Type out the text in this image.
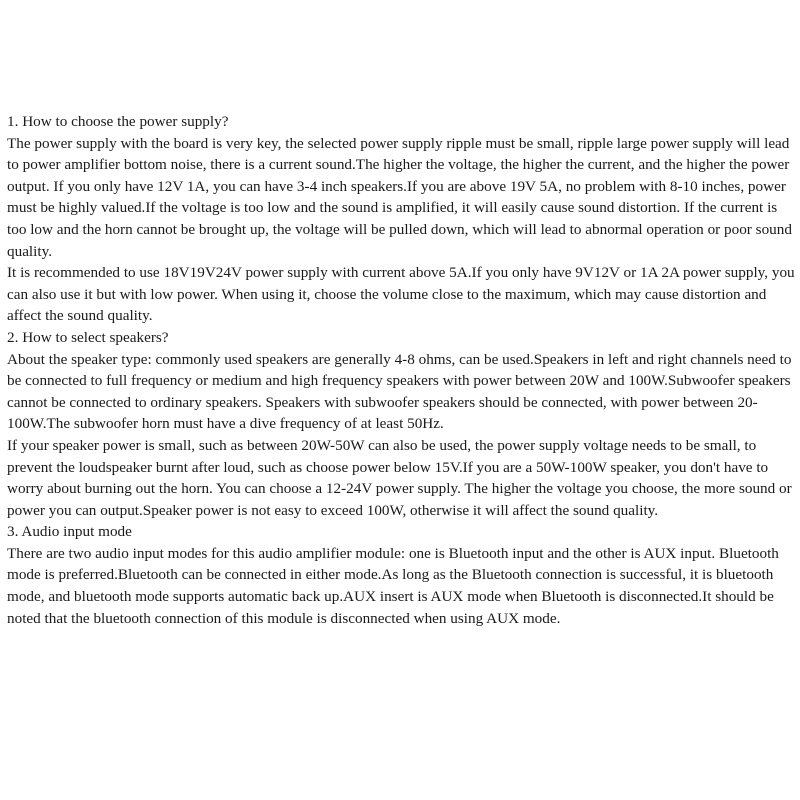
1. How to choose the power supply?

The power supply with the board is very key, the selected power supply ripple must be small, ripple large power supply will lead to power amplifier bottom noise, there is a current sound.The higher the voltage, the higher the current, and the higher the power output. If you only have 12V 1A, you can have 3-4 inch speakers.If you are above 19V 5A, no problem with 8-10 inches, power must be highly valued.If the voltage is too low and the sound is amplified, it will easily cause sound distortion. If the current is too low and the horn cannot be brought up, the voltage will be pulled down, which will lead to abnormal operation or poor sound quality.

It is recommended to use 18V19V24V power supply with current above 5A.If you only have 9V12V or 1A 2A power supply, you can also use it but with low power. When using it, choose the volume close to the maximum, which may cause distortion and affect the sound quality.

2. How to select speakers?

About the speaker type: commonly used speakers are generally 4-8 ohms, can be used.Speakers in left and right channels need to be connected to full frequency or medium and high frequency speakers with power between 20W and 100W.Subwoofer speakers cannot be connected to ordinary speakers. Speakers with subwoofer speakers should be connected, with power between 20-100W.The subwoofer horn must have a dive frequency of at least 50Hz.

If your speaker power is small, such as between 20W-50W can also be used, the power supply voltage needs to be small, to prevent the loudspeaker burnt after loud, such as choose power below 15V.If you are a 50W-100W speaker, you don't have to worry about burning out the horn. You can choose a 12-24V power supply. The higher the voltage you choose, the more sound or power you can output.Speaker power is not easy to exceed 100W, otherwise it will affect the sound quality.

3. Audio input mode

There are two audio input modes for this audio amplifier module: one is Bluetooth input and the other is AUX input. Bluetooth mode is preferred.Bluetooth can be connected in either mode.As long as the Bluetooth connection is successful, it is bluetooth mode, and bluetooth mode supports automatic back up.AUX insert is AUX mode when Bluetooth is disconnected.It should be noted that the bluetooth connection of this module is disconnected when using AUX mode.
